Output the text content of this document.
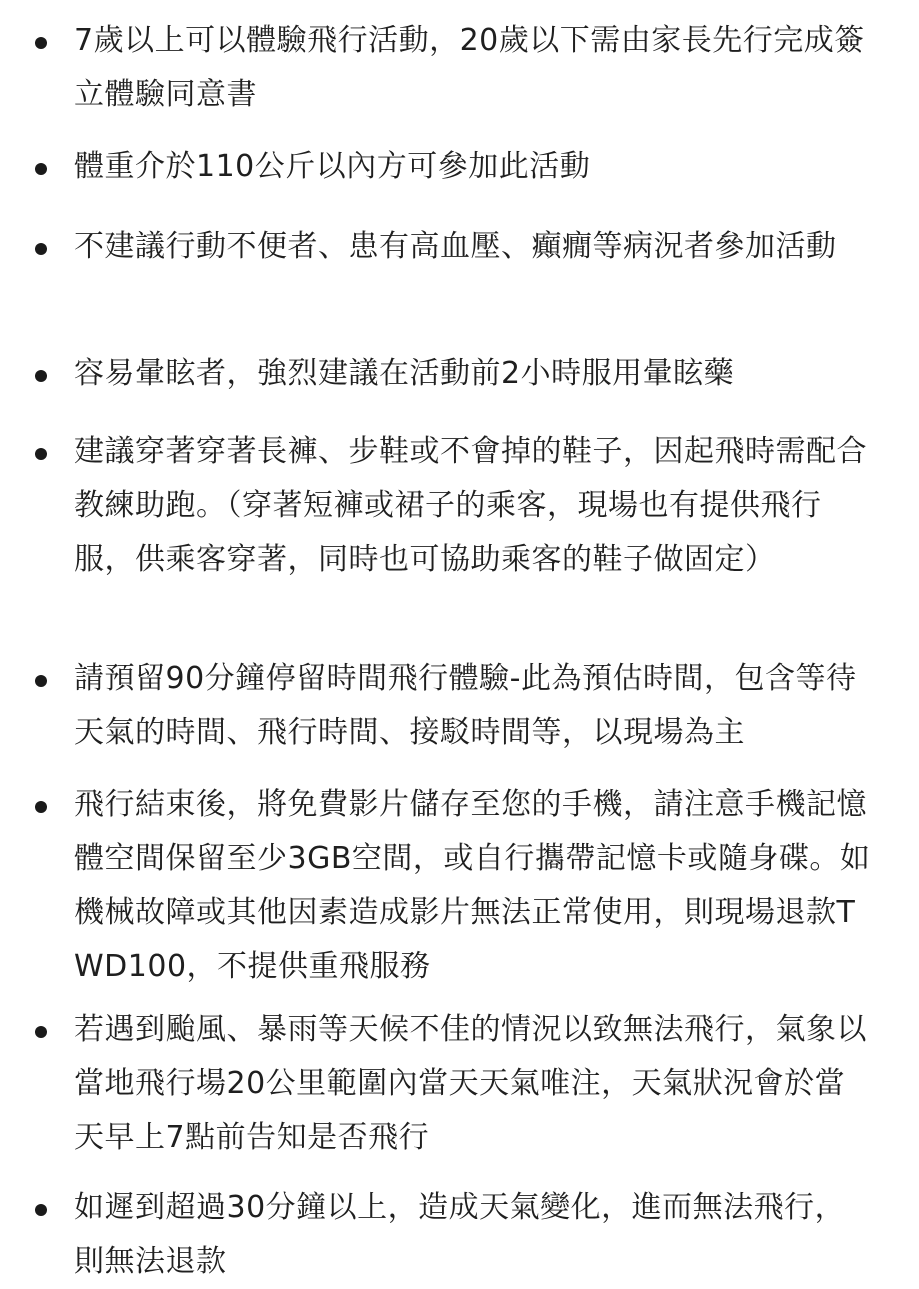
7歲以上可以體驗飛行活動，20歲以下需由家長先行完成簽立體驗同意書
體重介於110公斤以內方可參加此活動
不建議行動不便者、患有高血壓、癲癇等病況者參加活動
容易暈眩者，強烈建議在活動前2小時服用暈眩藥
建議穿著穿著長褲、步鞋或不會掉的鞋子，因起飛時需配合教練助跑。（穿著短褲或裙子的乘客，現場也有提供飛行服，供乘客穿著，同時也可協助乘客的鞋子做固定）
請預留90分鐘停留時間飛行體驗-此為預估時間，包含等待天氣的時間、飛行時間、接駁時間等，以現場為主
飛行結束後，將免費影片儲存至您的手機，請注意手機記憶體空間保留至少3GB空間，或自行攜帶記憶卡或隨身碟。如機械故障或其他因素造成影片無法正常使用，則現場退款TWD100，不提供重飛服務
若遇到颱風、暴雨等天候不佳的情況以致無法飛行，氣象以當地飛行場20公里範圍內當天天氣唯注，天氣狀況會於當天早上7點前告知是否飛行
如遲到超過30分鐘以上，造成天氣變化，進而無法飛行，則無法退款
